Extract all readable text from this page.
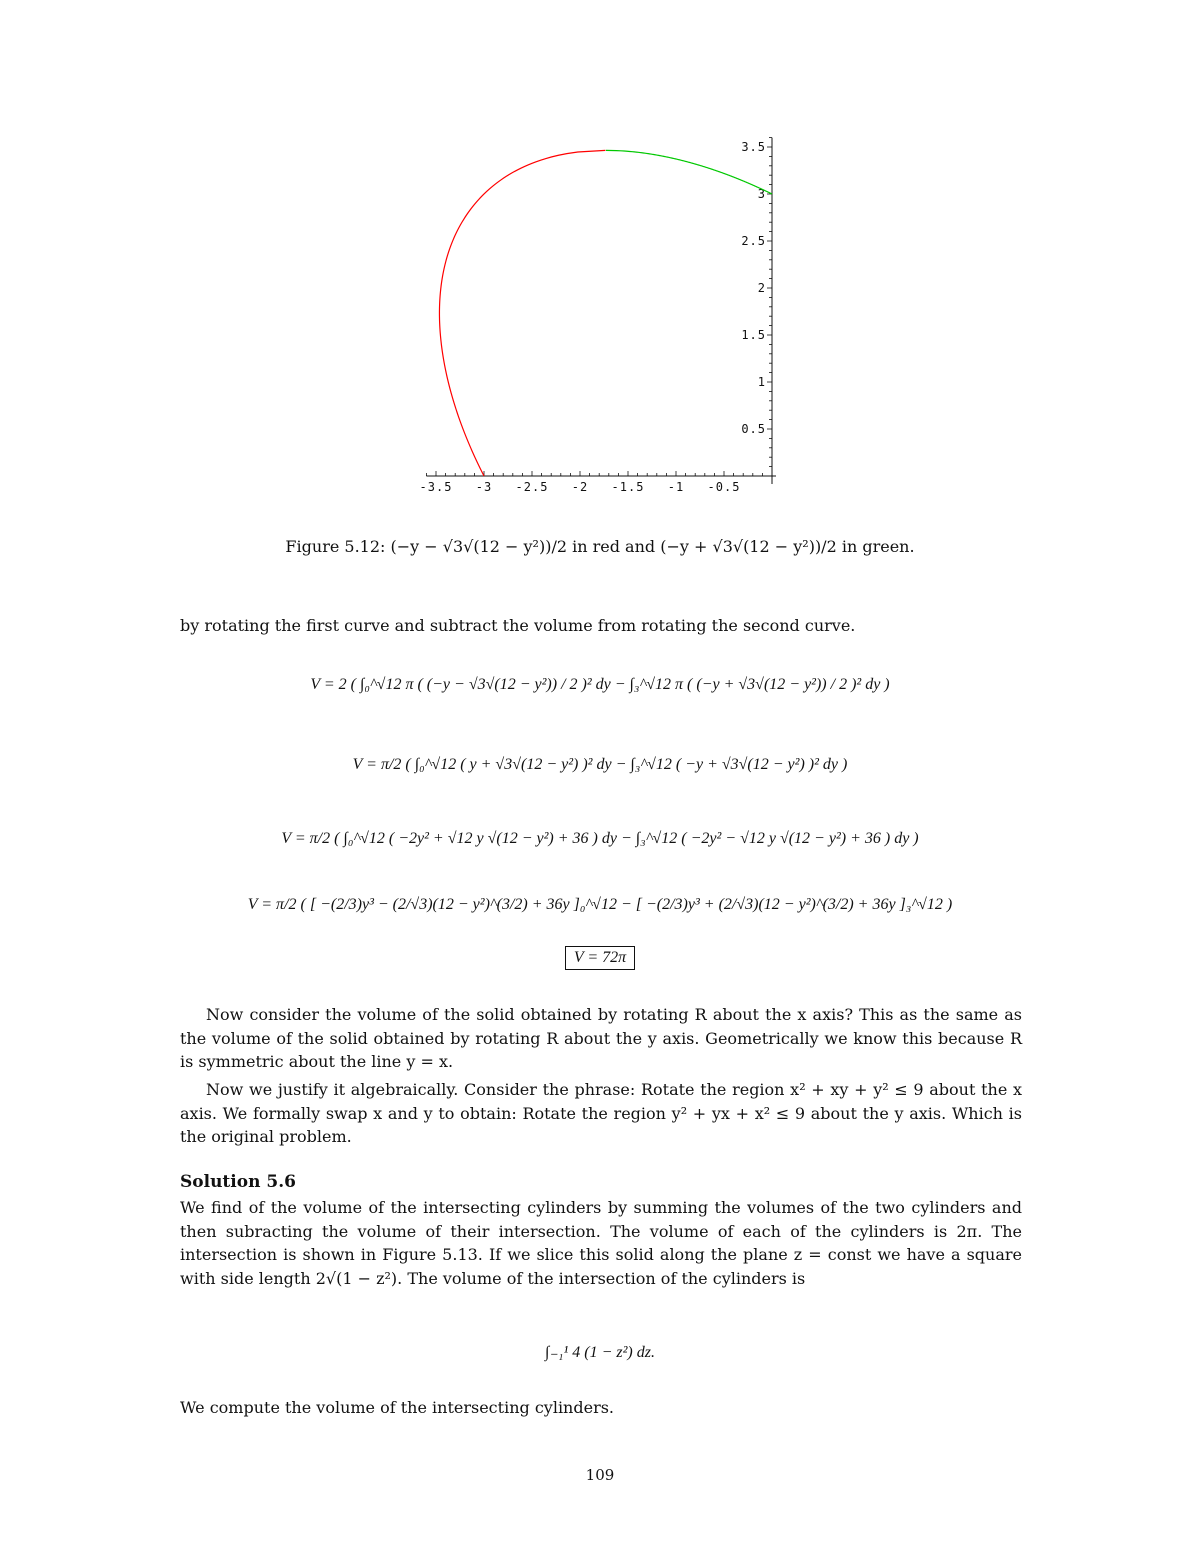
-3.5 -3 -2.5 -2 -1.5 -1 -0.5
0.5
1
1.5
2
2.5
3
3.5
Figure 5.12: (−y − √3√(12 − y²))/2 in red and (−y + √3√(12 − y²))/2 in green.
by rotating the first curve and subtract the volume from rotating the second curve.
V = 2 ( ∫₀^√12 π ( (−y − √3√(12 − y²)) / 2 )² dy − ∫₃^√12 π ( (−y + √3√(12 − y²)) / 2 )² dy )
V = π/2 ( ∫₀^√12 ( y + √3√(12 − y²) )² dy − ∫₃^√12 ( −y + √3√(12 − y²) )² dy )
V = π/2 ( ∫₀^√12 ( −2y² + √12 y √(12 − y²) + 36 ) dy − ∫₃^√12 ( −2y² − √12 y √(12 − y²) + 36 ) dy )
V = π/2 ( [ −(2/3)y³ − (2/√3)(12 − y²)^(3/2) + 36y ]₀^√12 − [ −(2/3)y³ + (2/√3)(12 − y²)^(3/2) + 36y ]₃^√12 )
V = 72π
Now consider the volume of the solid obtained by rotating R about the x axis? This as the same as the volume of the solid obtained by rotating R about the y axis. Geometrically we know this because R is symmetric about the line y = x.
Now we justify it algebraically. Consider the phrase: Rotate the region x² + xy + y² ≤ 9 about the x axis. We formally swap x and y to obtain: Rotate the region y² + yx + x² ≤ 9 about the y axis. Which is the original problem.
Solution 5.6
We find of the volume of the intersecting cylinders by summing the volumes of the two cylinders and then subracting the volume of their intersection. The volume of each of the cylinders is 2π. The intersection is shown in Figure 5.13. If we slice this solid along the plane z = const we have a square with side length 2√(1 − z²). The volume of the intersection of the cylinders is
∫₋₁¹ 4 (1 − z²) dz.
We compute the volume of the intersecting cylinders.
109
